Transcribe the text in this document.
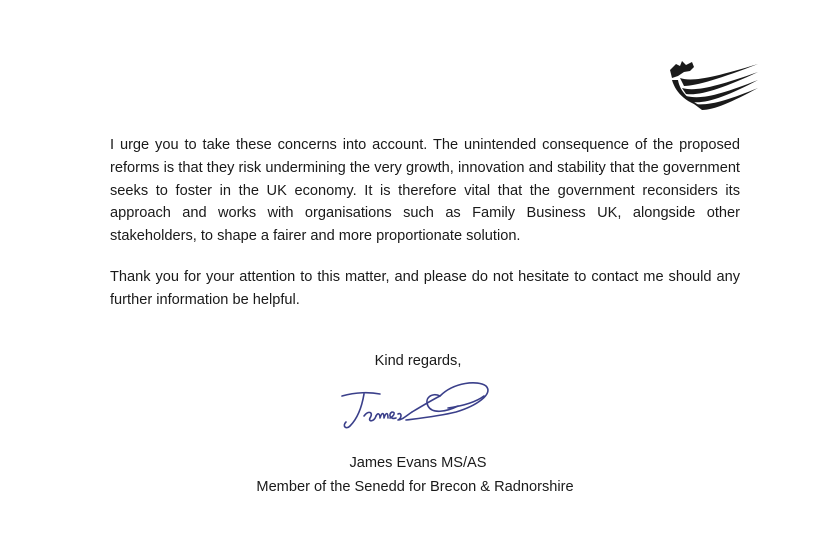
I urge you to take these concerns into account. The unintended consequence of the proposed reforms is that they risk undermining the very growth, innovation and stability that the government seeks to foster in the UK economy. It is therefore vital that the government reconsiders its approach and works with organisations such as Family Business UK, alongside other stakeholders, to shape a fairer and more proportionate solution.

Thank you for your attention to this matter, and please do not hesitate to contact me should any further information be helpful.

Kind regards,
James Evans MS/AS
Member of the Senedd for Brecon & Radnorshire
